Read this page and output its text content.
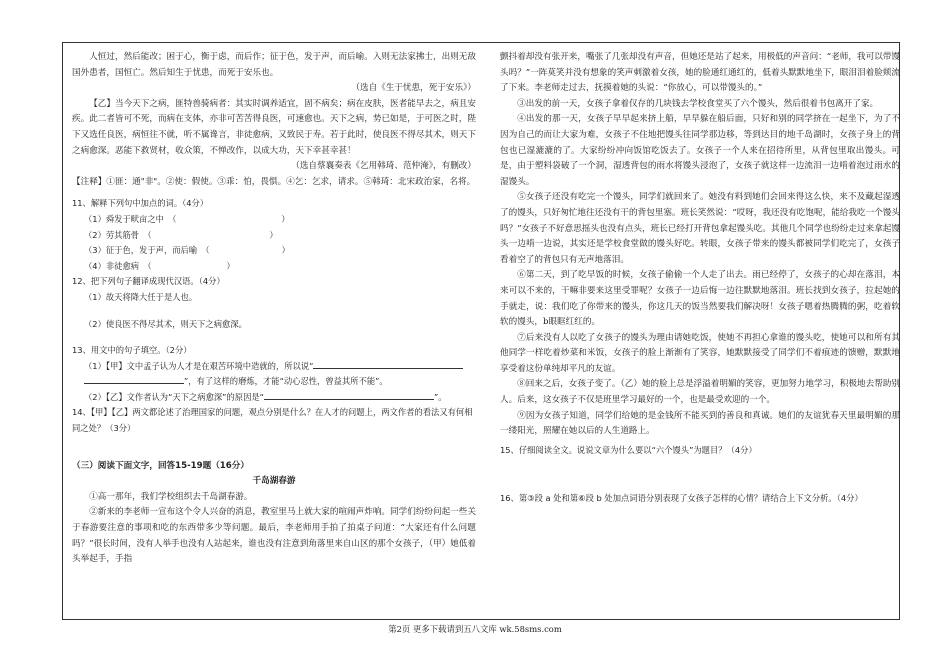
人恒过，然后能改；困于心，衡于虑，而后作；征于色，发于声，而后喻。入则无法家拂士，出则无敌国外患者，国恒亡。然后知生于忧患，而死于安乐也。

（选自《生于忧患，死于安乐》）

【乙】当今天下之病，匪特兽骑病者：其实时调养适宜，固不病矣；病在皮肤，医者能早去之，病且安疾。此二者皆可不死，而病在支体，亦非可苦苦得良医，可速愈也。天下之病，势已如是，于可医之时，陛下又选任良医，病恒往不就，听不属谗言，非徒愈病，又致民于寿。若于此时，使良医不得尽其术，则天下之病愈深。恶能下救贤材，收众策，不惮改作，以成大功，天下幸甚幸甚！

（选自蔡襄奏表《乞用韩琦、范仲淹》，有删改）

【注释】①匪：通"非"。②使：假使。③乖：怕，畏惧。④乞：乞求，请求。⑤韩琦：北宋政治家，名将。

11、解释下列句中加点的词。（4分）

（1）舜发于畎亩之中　（	）

（2）劳其筋骨　（	）

（3）征于色，发于声，而后喻　（	）

（4）非徒愈病　（	）

12、把下列句子翻译成现代汉语。（4分）

（1）故天将降大任于是人也。

（2）使良医不得尽其术，则天下之病愈深。

13、用文中的句子填空。（2分）

（1）【甲】文中孟子认为人才是在艰苦环境中造就的，所以说“

”，有了这样的磨炼，才能“动心忍性，曾益其所不能”。

（2）【乙】文作者认为“天下之病愈深”的原因是“	”。

14、【甲】【乙】两文都论述了治理国家的问题，观点分别是什么？在人才的问题上，两文作者的看法又有何相同之处？（3分）

（三）阅读下面文字，回答15-19题（16分）

千岛湖春游

①高一那年，我们学校组织去千岛湖春游。

②新来的李老师一宣布这个令人兴奋的消息，教室里马上就大家的喧闹声炸响。同学们纷纷问起一些关于春游要注意的事项和吃的东西带多少等问题。最后，李老师用手拍了拍桌子问道：“大家还有什么问题吗？”很长时间，没有人举手也没有人站起来，谁也没有注意到角落里来自山区的那个女孩子，（甲）她低着头举起手，手指

颤抖着却没有张开来，嘴张了几张却没有声音，但她还是站了起来，用极低的声音问：“老师，我可以带馒头吗？”一阵莫笑并没有想象的笑声刺激着女孩，她的脸通红通红的，低着头默默地坐下，眼泪泪着脸颊流了下来。李老师走过去，抚摸着她的头说：“你放心，可以带馒头的。”

③出发的前一天，女孩子拿着仅存的几块钱去学校食堂买了六个馒头，然后很着书包离开了家。

④出发的那一天，女孩子早早起来挤上船，早早躲在船后面，只好和别的同学挤在一起坐下，为了不因为自己的而让大家为难，女孩子不住地把馒头往同学那边移，等到达目的地千岛湖时，女孩子身上的背包也已湿漉漉的了。大家纷纷冲向饭馆吃饭去了。女孩子一个人来在招待所里，从背包里取出馒头。可是，由于塑料袋破了一个洞，湿透背包的雨水将馒头浸泡了，女孩子就这样一边流泪一边啃着泡过雨水的湿馒头。

⑤女孩子还没有吃完一个馒头，同学们就回来了。她没有料到她们会回来得这么快，来不及藏起湿透了的馒头，只好匆忙地往还没有干的背包里塞。班长笑然说：“哎呀，我还没有吃饱呢，能给我吃一个馒头吗？”女孩子不好意思摇头也没有点头，班长已经打开背包拿起馒头吃。其他几个同学也纷纷走过来拿起馒头一边啃一边说，其实还是学校食堂做的馒头好吃。转眼，女孩子带来的馒头都被同学们吃完了，女孩子看着空了的背包只有无声地落泪。

⑥第二天，到了吃早饭的时候，女孩子偷偷一个人走了出去。雨已经停了，女孩子的心却在落泪，本来可以不来的，干嘛非要来这里受罪呢？女孩子一边后悔一边往默默地落泪。班长找到女孩子，拉起她的手就走，说：我们吃了你带来的馒头，你这几天的饭当然要我们解决呀！女孩子嗯着热腾腾的粥，吃着软软的馒头，b眼眶红红的。

⑦后来没有人以吃了女孩子的馒头为理由请她吃饭，使她不再担心拿谁的馒头吃，使她可以和所有其他同学一样吃着炒菜和米饭，女孩子的脸上渐渐有了笑容，她默默接受了同学们不着痕迹的馈赠，默默地享受着这份单纯却平凡的友谊。

⑧回来之后，女孩子变了。（乙）她的脸上总是浮溢着明媚的笑容，更加努力地学习，积极地去帮助别人。后来，这女孩子不仅是班里学习最好的一个，也是最受欢迎的一个。

⑨因为女孩子知道，同学们给她的是金钱所不能买到的善良和真诚。她们的友谊犹春天里最明媚的那一缕阳光，照耀在她以后的人生道路上。

15、仔细阅读全文。说说文章为什么要以“六个馒头”为题目？（4分）

16、第③段 a 处和第⑥段 b 处加点词语分别表现了女孩子怎样的心情？请结合上下文分析。（4分）

第2页 更多下载请到五八文库 wk.58sms.com
